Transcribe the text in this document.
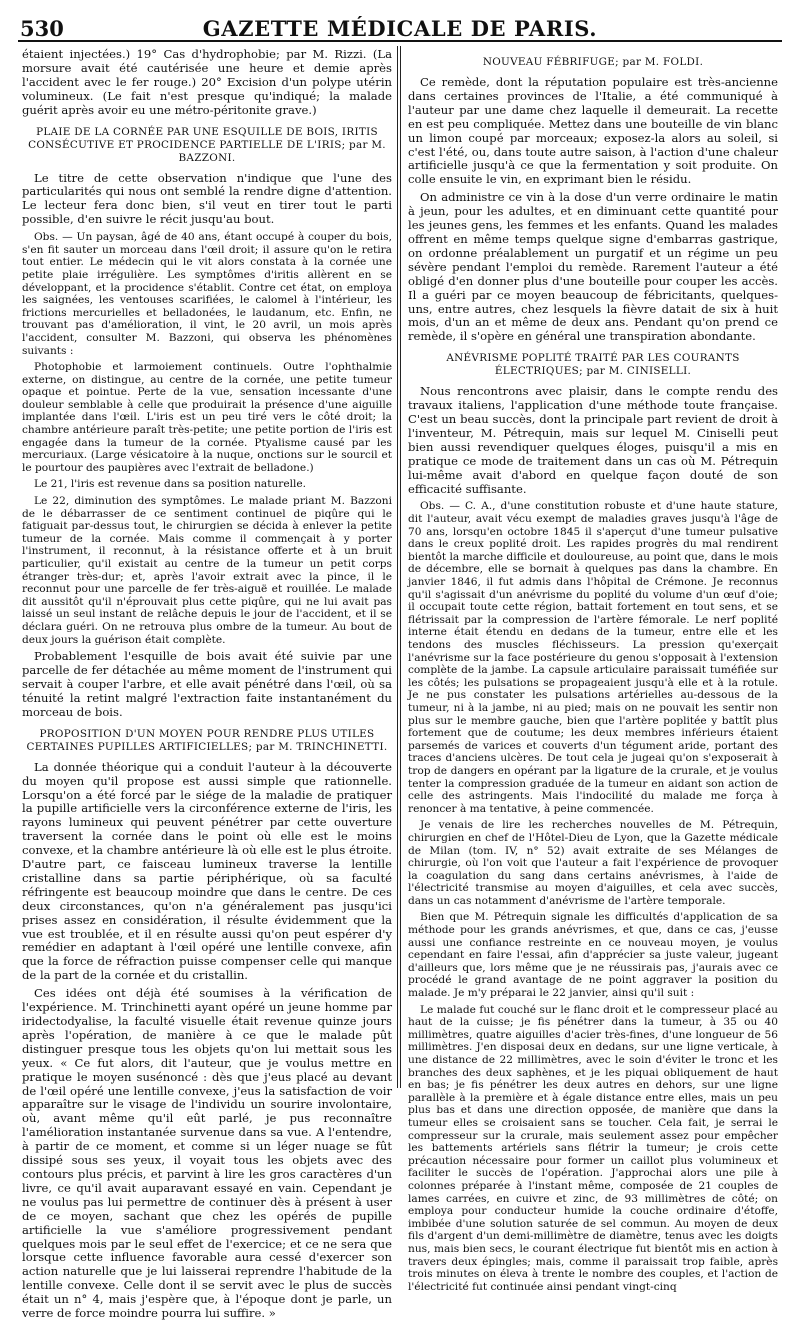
530	GAZETTE MÉDICALE DE PARIS.

étaient injectées.) 19° Cas d'hydrophobie; par M. Rizzi. (La morsure avait été cautérisée une heure et demie après l'accident avec le fer rouge.) 20° Excision d'un polype utérin volumineux. (Le fait n'est presque qu'indiqué; la malade guérit après avoir eu une métro-péritonite grave.)

PLAIE DE LA CORNÉE PAR UNE ESQUILLE DE BOIS, IRITIS CONSÉCUTIVE ET PROCIDENCE PARTIELLE DE L'IRIS; par M. BAZZONI.

Le titre de cette observation n'indique que l'une des particularités qui nous ont semblé la rendre digne d'attention. Le lecteur fera donc bien, s'il veut en tirer tout le parti possible, d'en suivre le récit jusqu'au bout.

Obs. — Un paysan, âgé de 40 ans, étant occupé à couper du bois, s'en fit sauter un morceau dans l'œil droit; il assure qu'on le retira tout entier. Le médecin qui le vit alors constata à la cornée une petite plaie irrégulière. Les symptômes d'iritis allèrent en se développant, et la procidence s'établit. Contre cet état, on employa les saignées, les ventouses scarifiées, le calomel à l'intérieur, les frictions mercurielles et belladonées, le laudanum, etc. Enfin, ne trouvant pas d'amélioration, il vint, le 20 avril, un mois après l'accident, consulter M. Bazzoni, qui observa les phénomènes suivants :

Photophobie et larmoiement continuels. Outre l'ophthalmie externe, on distingue, au centre de la cornée, une petite tumeur opaque et pointue. Perte de la vue, sensation incessante d'une douleur semblable à celle que produirait la présence d'une aiguille implantée dans l'œil. L'iris est un peu tiré vers le côté droit; la chambre antérieure paraît très-petite; une petite portion de l'iris est engagée dans la tumeur de la cornée. Ptyalisme causé par les mercuriaux. (Large vésicatoire à la nuque, onctions sur le sourcil et le pourtour des paupières avec l'extrait de belladone.)

Le 21, l'iris est revenue dans sa position naturelle.

Le 22, diminution des symptômes. Le malade priant M. Bazzoni de le débarrasser de ce sentiment continuel de piqûre qui le fatiguait par-dessus tout, le chirurgien se décida à enlever la petite tumeur de la cornée. Mais comme il commençait à y porter l'instrument, il reconnut, à la résistance offerte et à un bruit particulier, qu'il existait au centre de la tumeur un petit corps étranger très-dur; et, après l'avoir extrait avec la pince, il le reconnut pour une parcelle de fer très-aiguë et rouillée. Le malade dit aussitôt qu'il n'éprouvait plus cette piqûre, qui ne lui avait pas laissé un seul instant de relâche depuis le jour de l'accident, et il se déclara guéri. On ne retrouva plus ombre de la tumeur. Au bout de deux jours la guérison était complète.

Probablement l'esquille de bois avait été suivie par une parcelle de fer détachée au même moment de l'instrument qui servait à couper l'arbre, et elle avait pénétré dans l'œil, où sa ténuité la retint malgré l'extraction faite instantanément du morceau de bois.

PROPOSITION D'UN MOYEN POUR RENDRE PLUS UTILES CERTAINES PUPILLES ARTIFICIELLES; par M. TRINCHINETTI.

La donnée théorique qui a conduit l'auteur à la découverte du moyen qu'il propose est aussi simple que rationnelle. Lorsqu'on a été forcé par le siége de la maladie de pratiquer la pupille artificielle vers la circonférence externe de l'iris, les rayons lumineux qui peuvent pénétrer par cette ouverture traversent la cornée dans le point où elle est le moins convexe, et la chambre antérieure là où elle est le plus étroite. D'autre part, ce faisceau lumineux traverse la lentille cristalline dans sa partie périphérique, où sa faculté réfringente est beaucoup moindre que dans le centre. De ces deux circonstances, qu'on n'a généralement pas jusqu'ici prises assez en considération, il résulte évidemment que la vue est troublée, et il en résulte aussi qu'on peut espérer d'y remédier en adaptant à l'œil opéré une lentille convexe, afin que la force de réfraction puisse compenser celle qui manque de la part de la cornée et du cristallin.

Ces idées ont déjà été soumises à la vérification de l'expérience. M. Trinchinetti ayant opéré un jeune homme par iridectodyalise, la faculté visuelle était revenue quinze jours après l'opération, de manière à ce que le malade pût distinguer presque tous les objets qu'on lui mettait sous les yeux. « Ce fut alors, dit l'auteur, que je voulus mettre en pratique le moyen susénoncé : dès que j'eus placé au devant de l'œil opéré une lentille convexe, j'eus la satisfaction de voir apparaître sur le visage de l'individu un sourire involontaire, où, avant même qu'il eût parlé, je pus reconnaître l'amélioration instantanée survenue dans sa vue. A l'entendre, à partir de ce moment, et comme si un léger nuage se fût dissipé sous ses yeux, il voyait tous les objets avec des contours plus précis, et parvint à lire les gros caractères d'un livre, ce qu'il avait auparavant essayé en vain. Cependant je ne voulus pas lui permettre de continuer dès à présent à user de ce moyen, sachant que chez les opérés de pupille artificielle la vue s'améliore progressivement pendant quelques mois par le seul effet de l'exercice; et ce ne sera que lorsque cette influence favorable aura cessé d'exercer son action naturelle que je lui laisserai reprendre l'habitude de la lentille convexe. Celle dont il se servit avec le plus de succès était un n° 4, mais j'espère que, à l'époque dont je parle, un verre de force moindre pourra lui suffire. »

NOUVEAU FÉBRIFUGE; par M. FOLDI.

Ce remède, dont la réputation populaire est très-ancienne dans certaines provinces de l'Italie, a été communiqué à l'auteur par une dame chez laquelle il demeurait. La recette en est peu compliquée. Mettez dans une bouteille de vin blanc un limon coupé par morceaux; exposez-la alors au soleil, si c'est l'été, ou, dans toute autre saison, à l'action d'une chaleur artificielle jusqu'à ce que la fermentation y soit produite. On colle ensuite le vin, en exprimant bien le résidu.

On administre ce vin à la dose d'un verre ordinaire le matin à jeun, pour les adultes, et en diminuant cette quantité pour les jeunes gens, les femmes et les enfants. Quand les malades offrent en même temps quelque signe d'embarras gastrique, on ordonne préalablement un purgatif et un régime un peu sévère pendant l'emploi du remède. Rarement l'auteur a été obligé d'en donner plus d'une bouteille pour couper les accès. Il a guéri par ce moyen beaucoup de fébricitants, quelques-uns, entre autres, chez lesquels la fièvre datait de six à huit mois, d'un an et même de deux ans. Pendant qu'on prend ce remède, il s'opère en général une transpiration abondante.

ANÉVRISME POPLITÉ TRAITÉ PAR LES COURANTS ÉLECTRIQUES; par M. CINISELLI.

Nous rencontrons avec plaisir, dans le compte rendu des travaux italiens, l'application d'une méthode toute française. C'est un beau succès, dont la principale part revient de droit à l'inventeur, M. Pétrequin, mais sur lequel M. Ciniselli peut bien aussi revendiquer quelques éloges, puisqu'il a mis en pratique ce mode de traitement dans un cas où M. Pétrequin lui-même avait d'abord en quelque façon douté de son efficacité suffisante.

Obs. — C. A., d'une constitution robuste et d'une haute stature, dit l'auteur, avait vécu exempt de maladies graves jusqu'à l'âge de 70 ans, lorsqu'en octobre 1845 il s'aperçut d'une tumeur pulsative dans le creux poplité droit. Les rapides progrès du mal rendirent bientôt la marche difficile et douloureuse, au point que, dans le mois de décembre, elle se bornait à quelques pas dans la chambre. En janvier 1846, il fut admis dans l'hôpital de Crémone. Je reconnus qu'il s'agissait d'un anévrisme du poplité du volume d'un œuf d'oie; il occupait toute cette région, battait fortement en tout sens, et se flétrissait par la compression de l'artère fémorale. Le nerf poplité interne était étendu en dedans de la tumeur, entre elle et les tendons des muscles fléchisseurs. La pression qu'exerçait l'anévrisme sur la face postérieure du genou s'opposait à l'extension complète de la jambe. La capsule articulaire paraissait tuméfiée sur les côtés; les pulsations se propageaient jusqu'à elle et à la rotule. Je ne pus constater les pulsations artérielles au-dessous de la tumeur, ni à la jambe, ni au pied; mais on ne pouvait les sentir non plus sur le membre gauche, bien que l'artère poplitée y battît plus fortement que de coutume; les deux membres inférieurs étaient parsemés de varices et couverts d'un tégument aride, portant des traces d'anciens ulcères. De tout cela je jugeai qu'on s'exposerait à trop de dangers en opérant par la ligature de la crurale, et je voulus tenter la compression graduée de la tumeur en aidant son action de celle des astringents. Mais l'indocilité du malade me força à renoncer à ma tentative, à peine commencée.

Je venais de lire les recherches nouvelles de M. Pétrequin, chirurgien en chef de l'Hôtel-Dieu de Lyon, que la Gazette médicale de Milan (tom. IV, n° 52) avait extraite de ses Mélanges de chirurgie, où l'on voit que l'auteur a fait l'expérience de provoquer la coagulation du sang dans certains anévrismes, à l'aide de l'électricité transmise au moyen d'aiguilles, et cela avec succès, dans un cas notamment d'anévrisme de l'artère temporale.

Bien que M. Pétrequin signale les difficultés d'application de sa méthode pour les grands anévrismes, et que, dans ce cas, j'eusse aussi une confiance restreinte en ce nouveau moyen, je voulus cependant en faire l'essai, afin d'apprécier sa juste valeur, jugeant d'ailleurs que, lors même que je ne réussirais pas, j'aurais avec ce procédé le grand avantage de ne point aggraver la position du malade. Je m'y préparai le 22 janvier, ainsi qu'il suit :

Le malade fut couché sur le flanc droit et le compresseur placé au haut de la cuisse; je fis pénétrer dans la tumeur, à 35 ou 40 millimètres, quatre aiguilles d'acier très-fines, d'une longueur de 56 millimètres. J'en disposai deux en dedans, sur une ligne verticale, à une distance de 22 millimètres, avec le soin d'éviter le tronc et les branches des deux saphènes, et je les piquai obliquement de haut en bas; je fis pénétrer les deux autres en dehors, sur une ligne parallèle à la première et à égale distance entre elles, mais un peu plus bas et dans une direction opposée, de manière que dans la tumeur elles se croisaient sans se toucher. Cela fait, je serrai le compresseur sur la crurale, mais seulement assez pour empêcher les battements artériels sans flétrir la tumeur; je crois cette précaution nécessaire pour former un caillot plus volumineux et faciliter le succès de l'opération. J'approchai alors une pile à colonnes préparée à l'instant même, composée de 21 couples de lames carrées, en cuivre et zinc, de 93 millimètres de côté; on employa pour conducteur humide la couche ordinaire d'étoffe, imbibée d'une solution saturée de sel commun. Au moyen de deux fils d'argent d'un demi-millimètre de diamètre, tenus avec les doigts nus, mais bien secs, le courant électrique fut bientôt mis en action à travers deux épingles; mais, comme il paraissait trop faible, après trois minutes on éleva à trente le nombre des couples, et l'action de l'électricité fut continuée ainsi pendant vingt-cinq
